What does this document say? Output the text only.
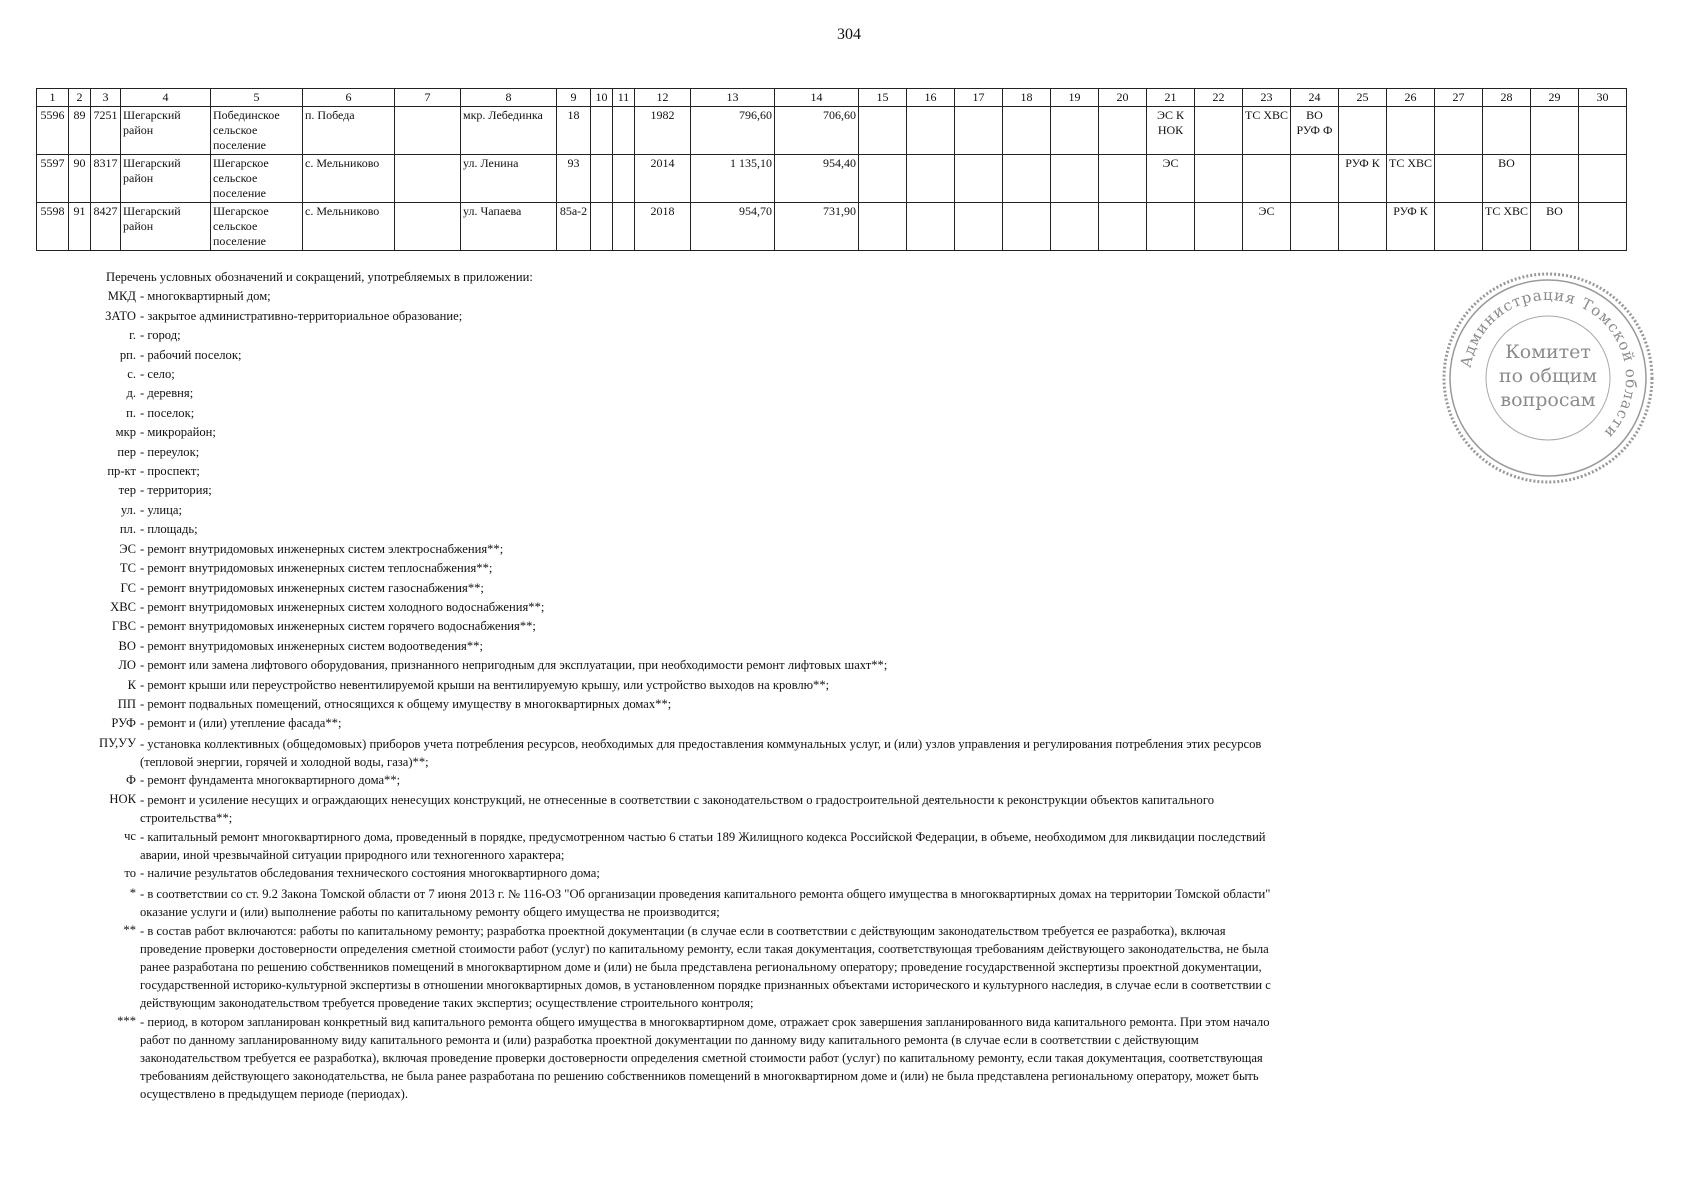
304
1	2	3	4	5	6	7	8	9	10	11	12	13	14	15	16	17	18	19	20	21	22	23	24	25	26	27	28	29	30
5596	89	7251	Шегарский район	Побединское сельское поселение	п. Победа		мкр. Лебединка	18			1982	796,60	706,60							ЭС К НОК		ТС ХВС	ВО РУФ Ф						
5597	90	8317	Шегарский район	Шегарское сельское поселение	с. Мельниково		ул. Ленина	93			2014	1 135,10	954,40							ЭС				РУФ К	ТС ХВС		ВО		
5598	91	8427	Шегарский район	Шегарское сельское поселение	с. Мельниково		ул. Чапаева	85а-2			2018	954,70	731,90									ЭС			РУФ К		ТС ХВС	ВО	
Перечень условных обозначений и сокращений, употребляемых в приложении:
МКД - многоквартирный дом;
ЗАТО - закрытое административно-территориальное образование;
г. - город;
рп. - рабочий поселок;
с. - село;
д. - деревня;
п. - поселок;
мкр - микрорайон;
пер - переулок;
пр-кт - проспект;
тер - территория;
ул. - улица;
пл. - площадь;
ЭС - ремонт внутридомовых инженерных систем электроснабжения**;
ТС - ремонт внутридомовых инженерных систем теплоснабжения**;
ГС - ремонт внутридомовых инженерных систем газоснабжения**;
ХВС - ремонт внутридомовых инженерных систем холодного водоснабжения**;
ГВС - ремонт внутридомовых инженерных систем горячего водоснабжения**;
ВО - ремонт внутридомовых инженерных систем водоотведения**;
ЛО - ремонт или замена лифтового оборудования, признанного непригодным для эксплуатации, при необходимости ремонт лифтовых шахт**;
К - ремонт крыши или переустройство невентилируемой крыши на вентилируемую крышу, или устройство выходов на кровлю**;
ПП - ремонт подвальных помещений, относящихся к общему имуществу в многоквартирных домах**;
РУФ - ремонт и (или) утепление фасада**;
ПУ,УУ - установка коллективных (общедомовых) приборов учета потребления ресурсов, необходимых для предоставления коммунальных услуг, и (или) узлов управления и регулирования потребления этих ресурсов (тепловой энергии, горячей и холодной воды, газа)**;
Ф - ремонт фундамента многоквартирного дома**;
НОК - ремонт и усиление несущих и ограждающих ненесущих конструкций, не отнесенные в соответствии с законодательством о градостроительной деятельности к реконструкции объектов капитального строительства**;
чс - капитальный ремонт многоквартирного дома, проведенный в порядке, предусмотренном частью 6 статьи 189 Жилищного кодекса Российской Федерации, в объеме, необходимом для ликвидации последствий аварии, иной чрезвычайной ситуации природного или техногенного характера;
то - наличие результатов обследования технического состояния многоквартирного дома;
* - в соответствии со ст. 9.2 Закона Томской области от 7 июня 2013 г. № 116-ОЗ "Об организации проведения капитального ремонта общего имущества в многоквартирных домах на территории Томской области" оказание услуги и (или) выполнение работы по капитальному ремонту общего имущества не производится;
** - в состав работ включаются: работы по капитальному ремонту; разработка проектной документации (в случае если в соответствии с действующим законодательством требуется ее разработка), включая проведение проверки достоверности определения сметной стоимости работ (услуг) по капитальному ремонту, если такая документация, соответствующая требованиям действующего законодательства, не была ранее разработана по решению собственников помещений в многоквартирном доме и (или) не была представлена региональному оператору; проведение государственной экспертизы проектной документации, государственной историко-культурной экспертизы в отношении многоквартирных домов, в установленном порядке признанных объектами исторического и культурного наследия, в случае если в соответствии с действующим законодательством требуется проведение таких экспертиз; осуществление строительного контроля;
*** - период, в котором запланирован конкретный вид капитального ремонта общего имущества в многоквартирном доме, отражает срок завершения запланированного вида капитального ремонта. При этом начало работ по данному запланированному виду капитального ремонта и (или) разработка проектной документации по данному виду капитального ремонта (в случае если в соответствии с действующим законодательством требуется ее разработка), включая проведение проверки достоверности определения сметной стоимости работ (услуг) по капитальному ремонту, если такая документация, соответствующая требованиям действующего законодательства, не была ранее разработана по решению собственников помещений в многоквартирном доме и (или) не была представлена региональному оператору, может быть осуществлено в предыдущем периоде (периодах).
Администрация Томской области
Комитет
по общим
вопросам
